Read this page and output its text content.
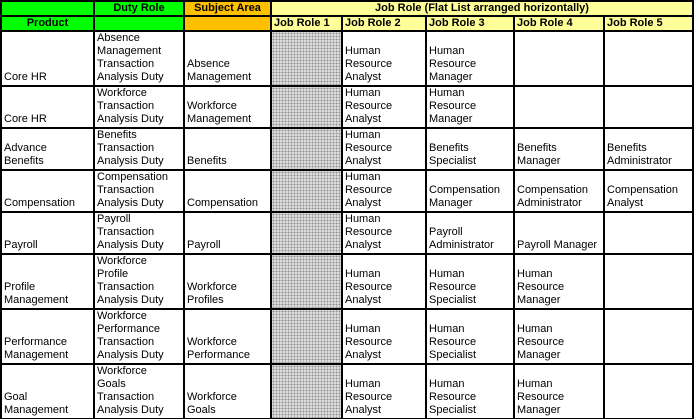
	Duty Role	Subject Area	Job Role (Flat List arranged horizontally)				
Product			Job Role 1	Job Role 2	Job Role 3	Job Role 4	Job Role 5
Core HR	Absence Management Transaction Analysis Duty	Absence Management		Human Resource Analyst	Human Resource Manager		
Core HR	Workforce Transaction Analysis Duty	Workforce Management		Human Resource Analyst	Human Resource Manager		
Advance Benefits	Benefits Transaction Analysis Duty	Benefits		Human Resource Analyst	Benefits Specialist	Benefits Manager	Benefits Administrator
Compensation	Compensation Transaction Analysis Duty	Compensation		Human Resource Analyst	Compensation Manager	Compensation Administrator	Compensation Analyst
Payroll	Payroll Transaction Analysis Duty	Payroll		Human Resource Analyst	Payroll Administrator	Payroll Manager	
Profile Management	Workforce Profile Transaction Analysis Duty	Workforce Profiles		Human Resource Analyst	Human Resource Specialist	Human Resource Manager	
Performance Management	Workforce Performance Transaction Analysis Duty	Workforce Performance		Human Resource Analyst	Human Resource Specialist	Human Resource Manager	
Goal Management	Workforce Goals Transaction Analysis Duty	Workforce Goals		Human Resource Analyst	Human Resource Specialist	Human Resource Manager	
